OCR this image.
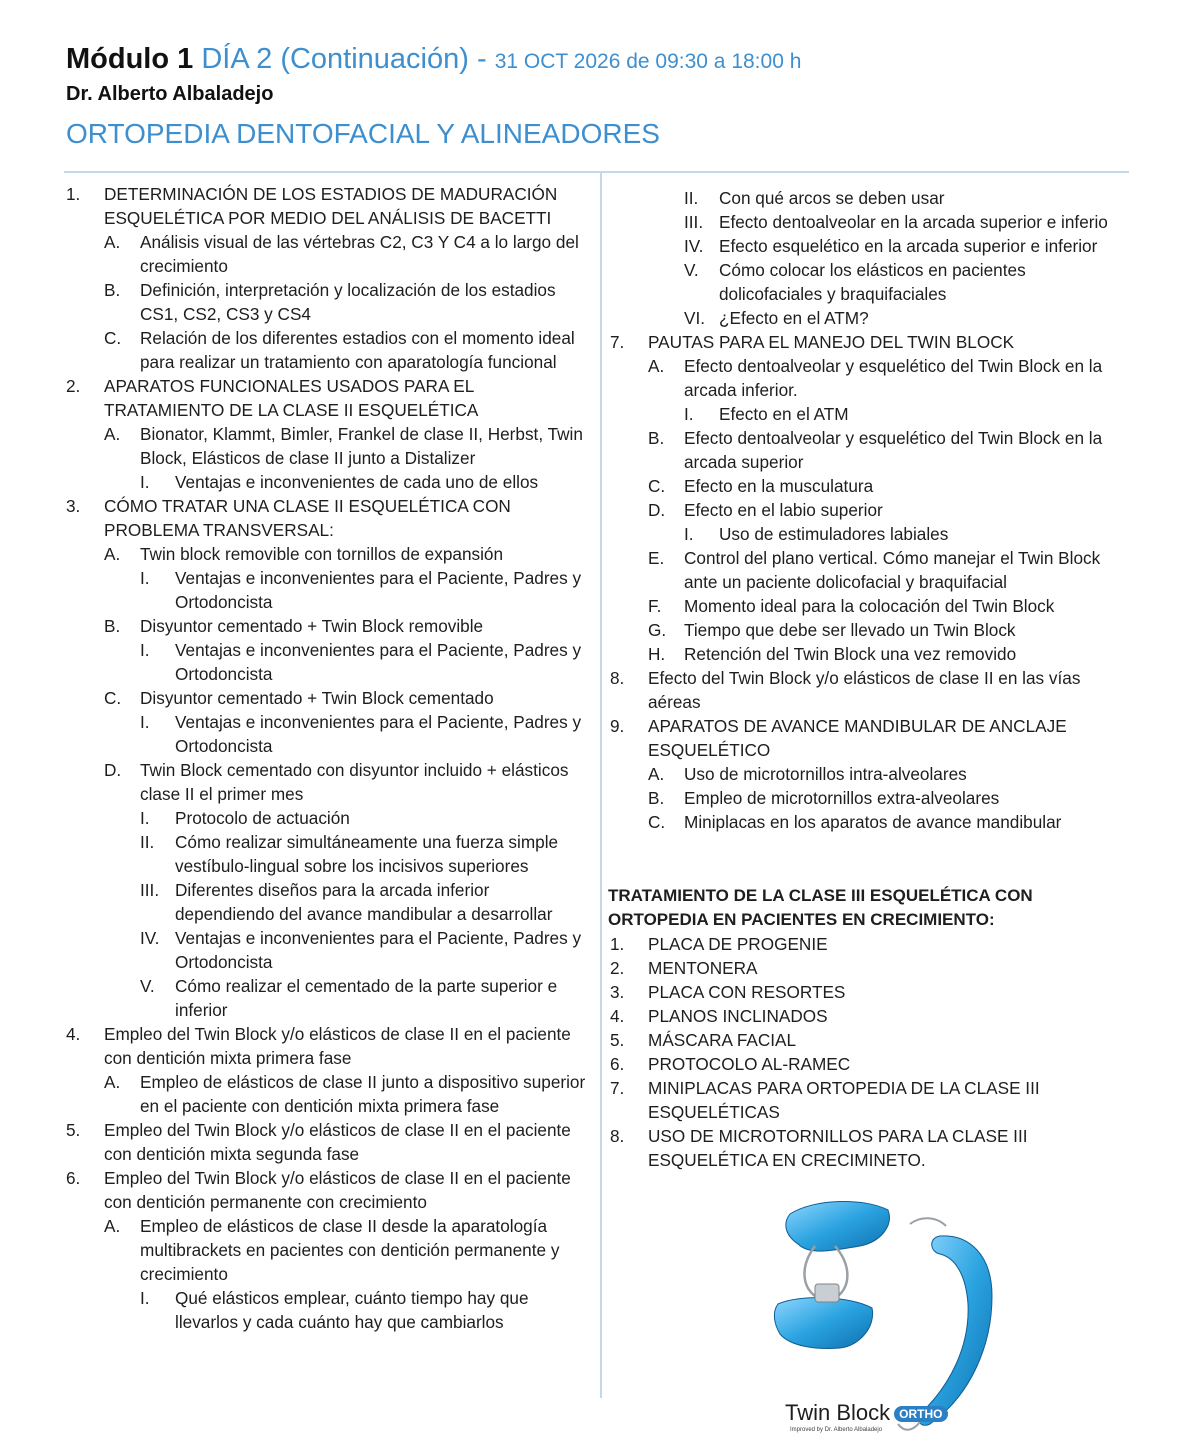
Módulo 1 DÍA 2 (Continuación) - 31 OCT 2026 de 09:30 a 18:00 h
Dr. Alberto Albaladejo
ORTOPEDIA DENTOFACIAL Y ALINEADORES
1. DETERMINACIÓN DE LOS ESTADIOS DE MADURACIÓN ESQUELÉTICA POR MEDIO DEL ANÁLISIS DE BACETTI
A. Análisis visual de las vértebras C2, C3 Y C4 a lo largo del crecimiento
B. Definición, interpretación y localización de los estadios CS1, CS2, CS3 y CS4
C. Relación de los diferentes estadios con el momento ideal para realizar un tratamiento con aparatología funcional
2. APARATOS FUNCIONALES USADOS PARA EL TRATAMIENTO DE LA CLASE II ESQUELÉTICA
A. Bionator, Klammt, Bimler, Frankel de clase II, Herbst, Twin Block, Elásticos de clase II junto a Distalizer
I. Ventajas e inconvenientes de cada uno de ellos
3. CÓMO TRATAR UNA CLASE II ESQUELÉTICA CON PROBLEMA TRANSVERSAL:
A. Twin block removible con tornillos de expansión
I. Ventajas e inconvenientes para el Paciente, Padres y Ortodoncista
B. Disyuntor cementado + Twin Block removible
I. Ventajas e inconvenientes para el Paciente, Padres y Ortodoncista
C. Disyuntor cementado + Twin Block cementado
I. Ventajas e inconvenientes para el Paciente, Padres y Ortodoncista
D. Twin Block cementado con disyuntor incluido + elásticos clase II el primer mes
I. Protocolo de actuación
II. Cómo realizar simultáneamente una fuerza simple vestíbulo-lingual sobre los incisivos superiores
III. Diferentes diseños para la arcada inferior dependiendo del avance mandibular a desarrollar
IV. Ventajas e inconvenientes para el Paciente, Padres y Ortodoncista
V. Cómo realizar el cementado de la parte superior e inferior
4. Empleo del Twin Block y/o elásticos de clase II en el paciente con dentición mixta primera fase
A. Empleo de elásticos de clase II junto a dispositivo superior en el paciente con dentición mixta primera fase
5. Empleo del Twin Block y/o elásticos de clase II en el paciente con dentición mixta segunda fase
6. Empleo del Twin Block y/o elásticos de clase II en el paciente con dentición permanente con crecimiento
A. Empleo de elásticos de clase II desde la aparatología multibrackets en pacientes con dentición permanente y crecimiento
I. Qué elásticos emplear, cuánto tiempo hay que llevarlos y cada cuánto hay que cambiarlos
II. Con qué arcos se deben usar
III. Efecto dentoalveolar en la arcada superior e inferio
IV. Efecto esquelético en la arcada superior e inferior
V. Cómo colocar los elásticos en pacientes dolicofaciales y braquifaciales
VI. ¿Efecto en el ATM?
7. PAUTAS PARA EL MANEJO DEL TWIN BLOCK
A. Efecto dentoalveolar y esquelético del Twin Block en la arcada inferior.
I. Efecto en el ATM
B. Efecto dentoalveolar y esquelético del Twin Block en la arcada superior
C. Efecto en la musculatura
D. Efecto en el labio superior
I. Uso de estimuladores labiales
E. Control del plano vertical. Cómo manejar el Twin Block ante un paciente dolicofacial y braquifacial
F. Momento ideal para la colocación del Twin Block
G. Tiempo que debe ser llevado un Twin Block
H. Retención del Twin Block una vez removido
8. Efecto del Twin Block y/o elásticos de clase II en las vías aéreas
9. APARATOS DE AVANCE MANDIBULAR DE ANCLAJE ESQUELÉTICO
A. Uso de microtornillos intra-alveolares
B. Empleo de microtornillos extra-alveolares
C. Miniplacas en los aparatos de avance mandibular
TRATAMIENTO DE LA CLASE III ESQUELÉTICA CON ORTOPEDIA EN PACIENTES EN CRECIMIENTO:
1. PLACA DE PROGENIE
2. MENTONERA
3. PLACA CON RESORTES
4. PLANOS INCLINADOS
5. MÁSCARA FACIAL
6. PROTOCOLO AL-RAMEC
7. MINIPLACAS PARA ORTOPEDIA DE LA CLASE III ESQUELÉTICAS
8. USO DE MICROTORNILLOS PARA LA CLASE III ESQUELÉTICA EN CRECIMINETO.
Twin Block ORTHO
Improved by Dr. Alberto Albaladejo
